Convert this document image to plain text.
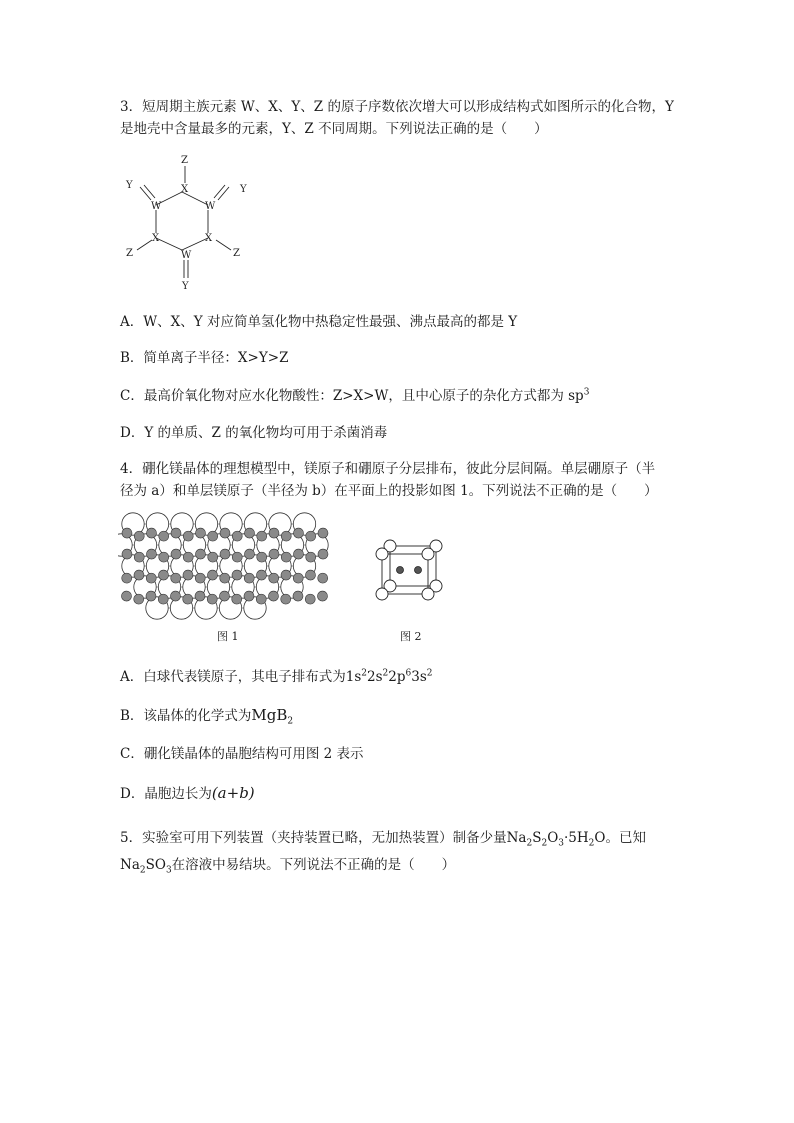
3．短周期主族元素 W、X、Y、Z 的原子序数依次增大可以形成结构式如图所示的化合物，Y
是地壳中含量最多的元素，Y、Z 不同周期。下列说法正确的是（　　）
Z
X
Y	Y
W	W
X	X
Z	Z
W
Y
A．W、X、Y 对应简单氢化物中热稳定性最强、沸点最高的都是 Y
B．简单离子半径：X>Y>Z
C．最高价氧化物对应水化物酸性：Z>X>W，且中心原子的杂化方式都为 $sp^3$
D．Y 的单质、Z 的氧化物均可用于杀菌消毒
4．硼化镁晶体的理想模型中，镁原子和硼原子分层排布，彼此分层间隔。单层硼原子（半
径为 a）和单层镁原子（半径为 b）在平面上的投影如图 1。下列说法不正确的是（　　）
图 1	图 2
A．白球代表镁原子，其电子排布式为$1s^22s^22p^63s^2$
B．该晶体的化学式为MgB$_2$
C．硼化镁晶体的晶胞结构可用图 2 表示
D．晶胞边长为(a+b)
5．实验室可用下列装置（夹持装置已略，无加热装置）制备少量$Na_2S_2O_3\cdot 5H_2O$。已知
$Na_2SO_3$在溶液中易结块。下列说法不正确的是（　　）
